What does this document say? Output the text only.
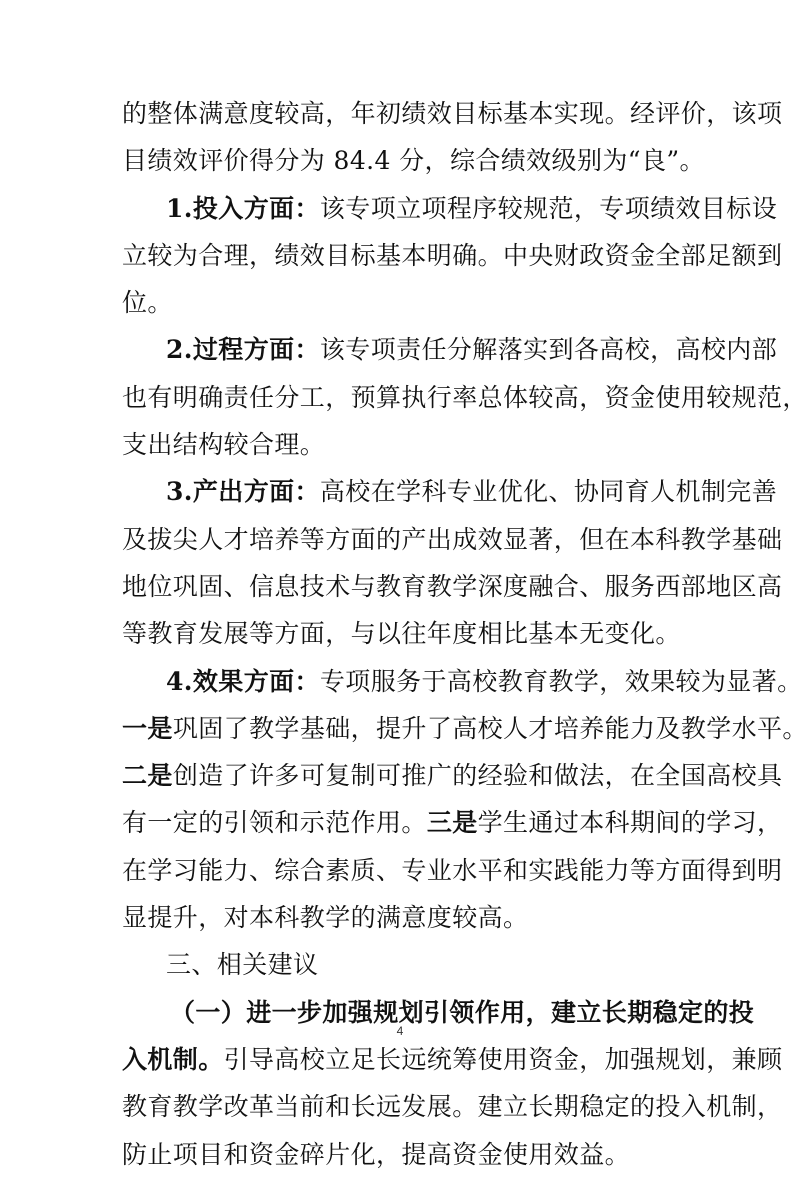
的整体满意度较高，年初绩效目标基本实现。经评价，该项
目绩效评价得分为 84.4 分，综合绩效级别为“良”。
1.投入方面：该专项立项程序较规范，专项绩效目标设
立较为合理，绩效目标基本明确。中央财政资金全部足额到
位。
2.过程方面：该专项责任分解落实到各高校，高校内部
也有明确责任分工，预算执行率总体较高，资金使用较规范，
支出结构较合理。
3.产出方面：高校在学科专业优化、协同育人机制完善
及拔尖人才培养等方面的产出成效显著，但在本科教学基础
地位巩固、信息技术与教育教学深度融合、服务西部地区高
等教育发展等方面，与以往年度相比基本无变化。
4.效果方面：专项服务于高校教育教学，效果较为显著。
一是巩固了教学基础，提升了高校人才培养能力及教学水平。
二是创造了许多可复制可推广的经验和做法，在全国高校具
有一定的引领和示范作用。三是学生通过本科期间的学习，
在学习能力、综合素质、专业水平和实践能力等方面得到明
显提升，对本科教学的满意度较高。
三、相关建议
（一）进一步加强规划引领作用，建立长期稳定的投
入机制。引导高校立足长远统筹使用资金，加强规划，兼顾
教育教学改革当前和长远发展。建立长期稳定的投入机制，
防止项目和资金碎片化，提高资金使用效益。
4
